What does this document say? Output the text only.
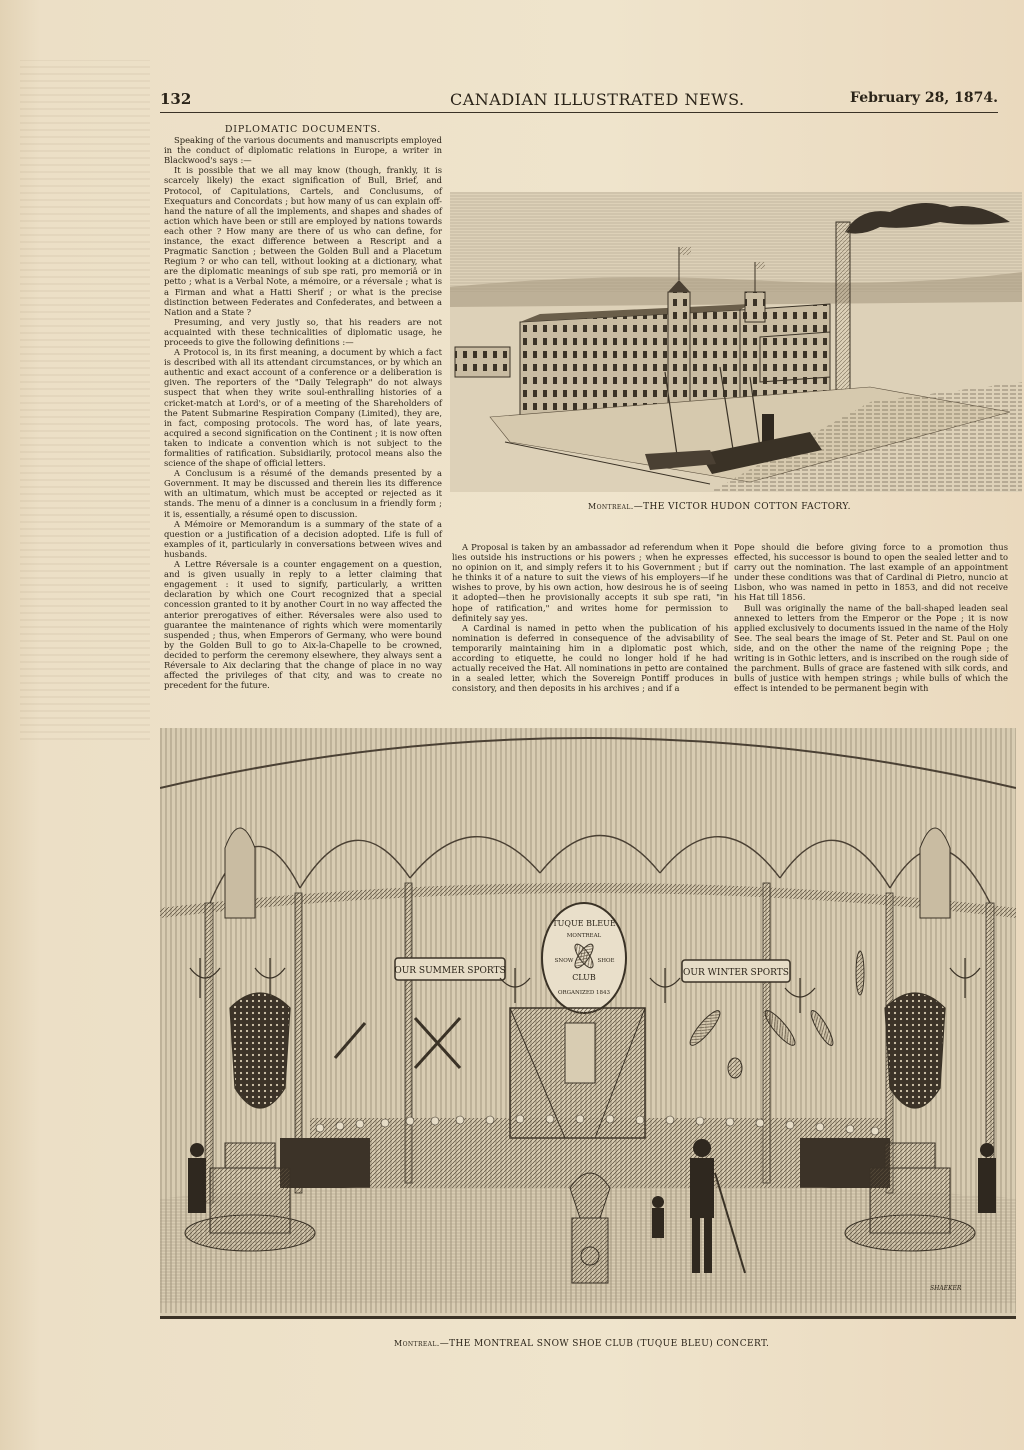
132	CANADIAN ILLUSTRATED NEWS.	February 28, 1874.

DIPLOMATIC DOCUMENTS.

Speaking of the various documents and manuscripts employed in the conduct of diplomatic relations in Europe, a writer in Blackwood's says :—

It is possible that we all may know (though, frankly, it is scarcely likely) the exact signification of Bull, Brief, and Protocol, of Capitulations, Cartels, and Conclusums, of Exequaturs and Concordats ; but how many of us can explain off-hand the nature of all the implements, and shapes and shades of action which have been or still are employed by nations towards each other ? How many are there of us who can define, for instance, the exact difference between a Rescript and a Pragmatic Sanction ; between the Golden Bull and a Placetum Regium ? or who can tell, without looking at a dictionary, what are the diplomatic meanings of sub spe rati, pro memoriâ or in petto ; what is a Verbal Note, a mémoire, or a réversale ; what is a Firman and what a Hatti Sherif ; or what is the precise distinction between Federates and Confederates, and between a Nation and a State ?

Presuming, and very justly so, that his readers are not acquainted with these technicalities of diplomatic usage, he proceeds to give the following definitions :—

A Protocol is, in its first meaning, a document by which a fact is described with all its attendant circumstances, or by which an authentic and exact account of a conference or a deliberation is given. The reporters of the "Daily Telegraph" do not always suspect that when they write soul-enthralling histories of a cricket-match at Lord's, or of a meeting of the Shareholders of the Patent Submarine Respiration Company (Limited), they are, in fact, composing protocols. The word has, of late years, acquired a second signification on the Continent ; it is now often taken to indicate a convention which is not subject to the formalities of ratification. Subsidiarily, protocol means also the science of the shape of official letters.

A Conclusum is a résumé of the demands presented by a Government. It may be discussed and therein lies its difference with an ultimatum, which must be accepted or rejected as it stands. The menu of a dinner is a conclusum in a friendly form ; it is, essentially, a résumé open to discussion.

A Mémoire or Memorandum is a summary of the state of a question or a justification of a decision adopted. Life is full of examples of it, particularly in conversations between wives and husbands.

A Lettre Réversale is a counter engagement on a question, and is given usually in reply to a letter claiming that engagement : it used to signify, particularly, a written declaration by which one Court recognized that a special concession granted to it by another Court in no way affected the anterior prerogatives of either. Réversales were also used to guarantee the maintenance of rights which were momentarily suspended ; thus, when Emperors of Germany, who were bound by the Golden Bull to go to Aix-la-Chapelle to be crowned, decided to perform the ceremony elsewhere, they always sent a Réversale to Aix declaring that the change of place in no way affected the privileges of that city, and was to create no precedent for the future.

Montreal.—THE VICTOR HUDON COTTON FACTORY.

A Proposal is taken by an ambassador ad referendum when it lies outside his instructions or his powers ; when he expresses no opinion on it, and simply refers it to his Government ; but if he thinks it of a nature to suit the views of his employers—if he wishes to prove, by his own action, how desirous he is of seeing it adopted—then he provisionally accepts it sub spe rati, "in hope of ratification," and writes home for permission to definitely say yes.

A Cardinal is named in petto when the publication of his nomination is deferred in consequence of the advisability of temporarily maintaining him in a diplomatic post which, according to etiquette, he could no longer hold if he had actually received the Hat. All nominations in petto are contained in a sealed letter, which the Sovereign Pontiff produces in consistory, and then deposits in his archives ; and if a

Pope should die before giving force to a promotion thus effected, his successor is bound to open the sealed letter and to carry out the nomination. The last example of an appointment under these conditions was that of Cardinal di Pietro, nuncio at Lisbon, who was named in petto in 1853, and did not receive his Hat till 1856.

Bull was originally the name of the ball-shaped leaden seal annexed to letters from the Emperor or the Pope ; it is now applied exclusively to documents issued in the name of the Holy See. The seal bears the image of St. Peter and St. Paul on one side, and on the other the name of the reigning Pope ; the writing is in Gothic letters, and is inscribed on the rough side of the parchment. Bulls of grace are fastened with silk cords, and bulls of justice with hempen strings ; while bulls of which the effect is intended to be permanent begin with

OUR SUMMER SPORTS	OUR WINTER SPORTS
TUQUE BLEUE
MONTREAL
SNOW	SHOE
CLUB
ORGANIZED 1843
SHAEKER
Montreal.—THE MONTREAL SNOW SHOE CLUB (TUQUE BLEU) CONCERT.
